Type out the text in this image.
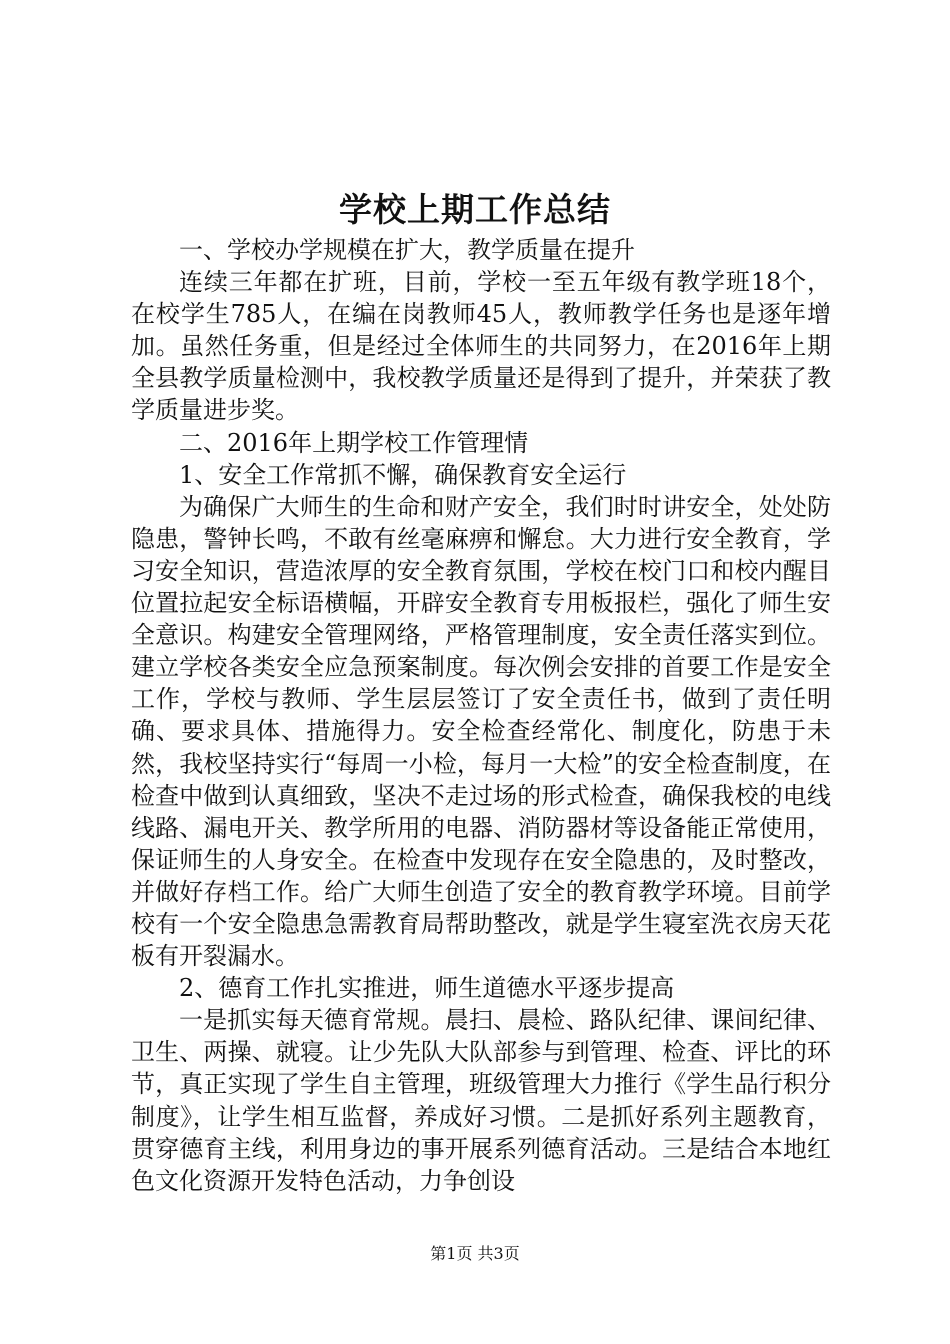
学校上期工作总结

一、学校办学规模在扩大，教学质量在提升

连续三年都在扩班，目前，学校一至五年级有教学班18个，在校学生785人，在编在岗教师45人，教师教学任务也是逐年增加。虽然任务重，但是经过全体师生的共同努力，在2016年上期全县教学质量检测中，我校教学质量还是得到了提升，并荣获了教学质量进步奖。

二、2016年上期学校工作管理情

1、安全工作常抓不懈，确保教育安全运行

为确保广大师生的生命和财产安全，我们时时讲安全，处处防隐患，警钟长鸣，不敢有丝毫麻痹和懈怠。大力进行安全教育，学习安全知识，营造浓厚的安全教育氛围，学校在校门口和校内醒目位置拉起安全标语横幅，开辟安全教育专用板报栏，强化了师生安全意识。构建安全管理网络，严格管理制度，安全责任落实到位。建立学校各类安全应急预案制度。每次例会安排的首要工作是安全工作，学校与教师、学生层层签订了安全责任书，做到了责任明确、要求具体、措施得力。安全检查经常化、制度化，防患于未然，我校坚持实行“每周一小检，每月一大检”的安全检查制度，在检查中做到认真细致，坚决不走过场的形式检查，确保我校的电线线路、漏电开关、教学所用的电器、消防器材等设备能正常使用，保证师生的人身安全。在检查中发现存在安全隐患的，及时整改，并做好存档工作。给广大师生创造了安全的教育教学环境。目前学校有一个安全隐患急需教育局帮助整改，就是学生寝室洗衣房天花板有开裂漏水。

2、德育工作扎实推进，师生道德水平逐步提高

一是抓实每天德育常规。晨扫、晨检、路队纪律、课间纪律、卫生、两操、就寝。让少先队大队部参与到管理、检查、评比的环节，真正实现了学生自主管理，班级管理大力推行《学生品行积分制度》，让学生相互监督，养成好习惯。二是抓好系列主题教育，贯穿德育主线，利用身边的事开展系列德育活动。三是结合本地红色文化资源开发特色活动，力争创设

第1页 共3页
